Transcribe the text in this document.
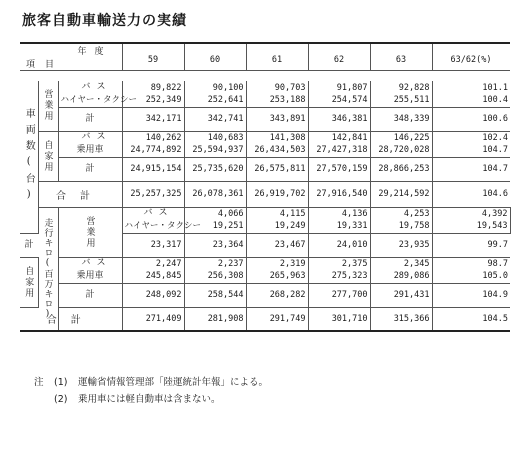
旅客自動車輸送力の実績
年度									
項目									
			59	60	61	62	63	63/62(%)	
車両数(台)	営業用	バス	89,822	90,100	90,703	91,807	92,828	101.1	
		ハイヤー・タクシー	252,349	252,641	253,188	254,574	255,511	100.4	
		計	342,171	342,741	343,891	346,381	348,339	100.6	
	自家用	バス	140,262	140,683	141,308	142,841	146,225	102.4	
		乗用車	24,774,892	25,594,937	26,434,503	27,427,318	28,720,028	104.7	
		計	24,915,154	25,735,620	26,575,811	27,570,159	28,866,253	104.7	
	合計		25,257,325	26,078,361	26,919,702	27,916,540	29,214,592	104.6	
	走行キロ(百万キロ)	営業用	バス	4,066	4,115	4,136	4,253	4,392	
			ハイヤー・タクシー	19,251	19,249	19,331	19,758	19,543	
計			23,317	23,364	23,467	24,010	23,935	99.7	
自家用		バス	2,247	2,237	2,319	2,375	2,345	98.7	
		乗用車	245,845	256,308	265,963	275,323	289,086	105.0	
		計	248,092	258,544	268,282	277,700	291,431	104.9	
合計			271,409	281,908	291,749	301,710	315,366	104.5	
注 (1) 運輸省情報管理部「陸運統計年報」による。
(2) 乗用車には軽自動車は含まない。
